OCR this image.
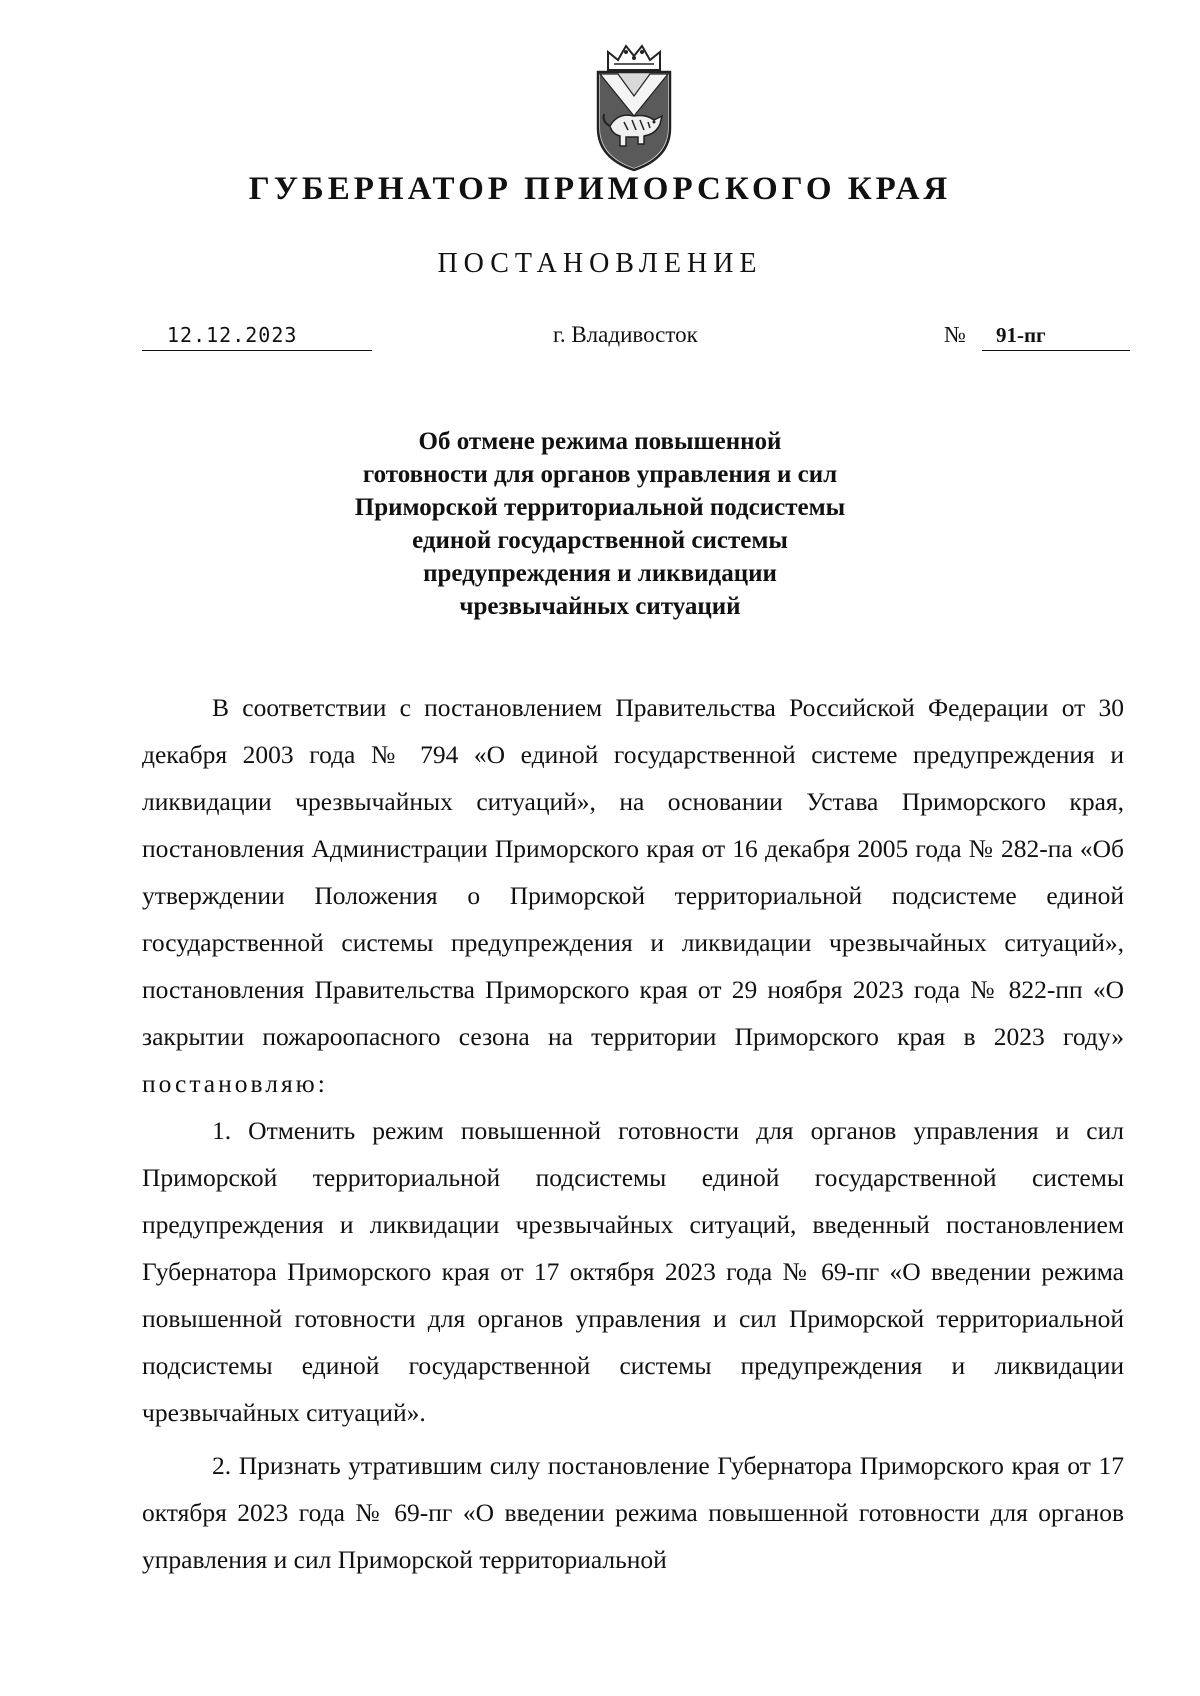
ГУБЕРНАТОР ПРИМОРСКОГО КРАЯ
ПОСТАНОВЛЕНИЕ
12.12.2023	г. Владивосток	№ 91-пг
Об отмене режима повышенной
готовности для органов управления и сил
Приморской территориальной подсистемы
единой государственной системы
предупреждения и ликвидации
чрезвычайных ситуаций

В соответствии с постановлением Правительства Российской Федерации от 30 декабря 2003 года № 794 «О единой государственной системе предупреждения и ликвидации чрезвычайных ситуаций», на основании Устава Приморского края, постановления Администрации Приморского края от 16 декабря 2005 года № 282-па «Об утверждении Положения о Приморской территориальной подсистеме единой государственной системы предупреждения и ликвидации чрезвычайных ситуаций», постановления Правительства Приморского края от 29 ноября 2023 года № 822-пп «О закрытии пожароопасного сезона на территории Приморского края в 2023 году» постановляю:

1. Отменить режим повышенной готовности для органов управления и сил Приморской территориальной подсистемы единой государственной системы предупреждения и ликвидации чрезвычайных ситуаций, введенный постановлением Губернатора Приморского края от 17 октября 2023 года № 69-пг «О введении режима повышенной готовности для органов управления и сил Приморской территориальной подсистемы единой государственной системы предупреждения и ликвидации чрезвычайных ситуаций».

2. Признать утратившим силу постановление Губернатора Приморского края от 17 октября 2023 года № 69-пг «О введении режима повышенной готовности для органов управления и сил Приморской территориальной
